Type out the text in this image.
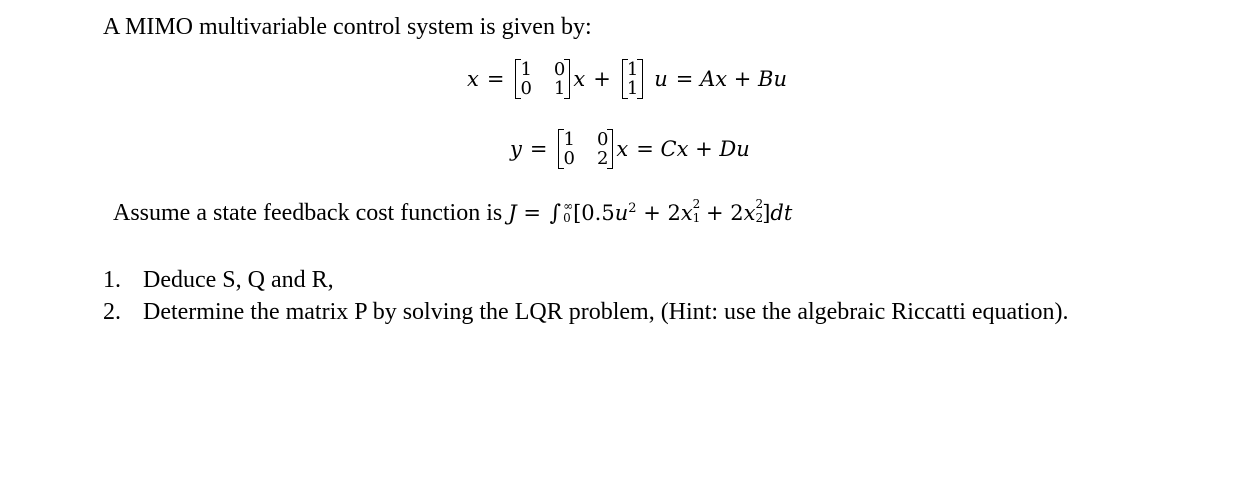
A MIMO multivariable control system is given by:
x = 1 0
0 1 x + 1
1 u = Ax + Bu
y = 1 0
0 2 x = Cx + Du
Assume a state feedback cost function is J = ∫ ∞
0 [$0.5u^2 + 2x$ 2
1 + 2x 2
2 ]dt
1. Deduce S, Q and R,
2. Determine the matrix P by solving the LQR problem, (Hint: use the algebraic Riccatti equation).
